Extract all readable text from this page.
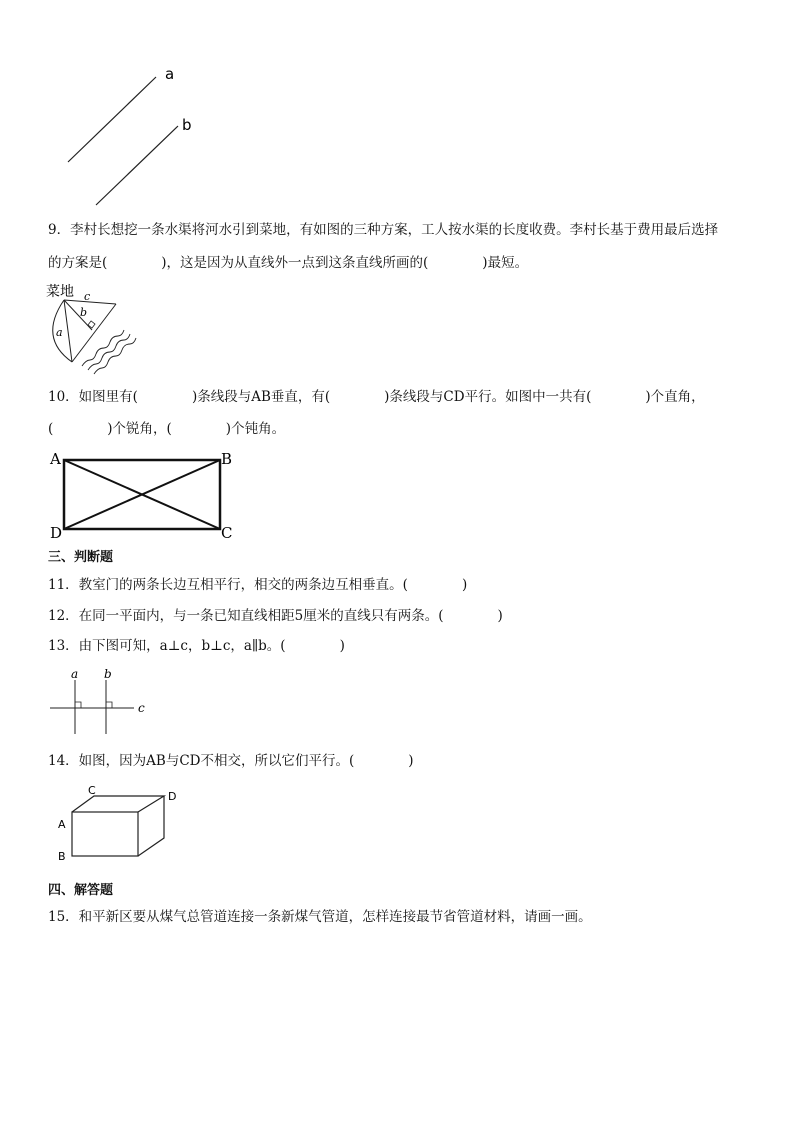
a
b
9．李村长想挖一条水渠将河水引到菜地，有如图的三种方案，工人按水渠的长度收费。李村长基于费用最后选择
的方案是(　　　　)，这是因为从直线外一点到这条直线所画的(　　　　)最短。
菜地 c
b
a
10．如图里有(　　　　)条线段与AB垂直，有(　　　　)条线段与CD平行。如图中一共有(　　　　)个直角，
(　　　　)个锐角，(　　　　)个钝角。
A	B
C
D
三、判断题
11．教室门的两条长边互相平行，相交的两条边互相垂直。(　　　　)
12．在同一平面内，与一条已知直线相距5厘米的直线只有两条。(　　　　)
13．由下图可知，a⊥c，b⊥c，a∥b。(　　　　)
a b
c
14．如图，因为AB与CD不相交，所以它们平行。(　　　　)
A
B
C	D
四、解答题
15．和平新区要从煤气总管道连接一条新煤气管道，怎样连接最节省管道材料，请画一画。
